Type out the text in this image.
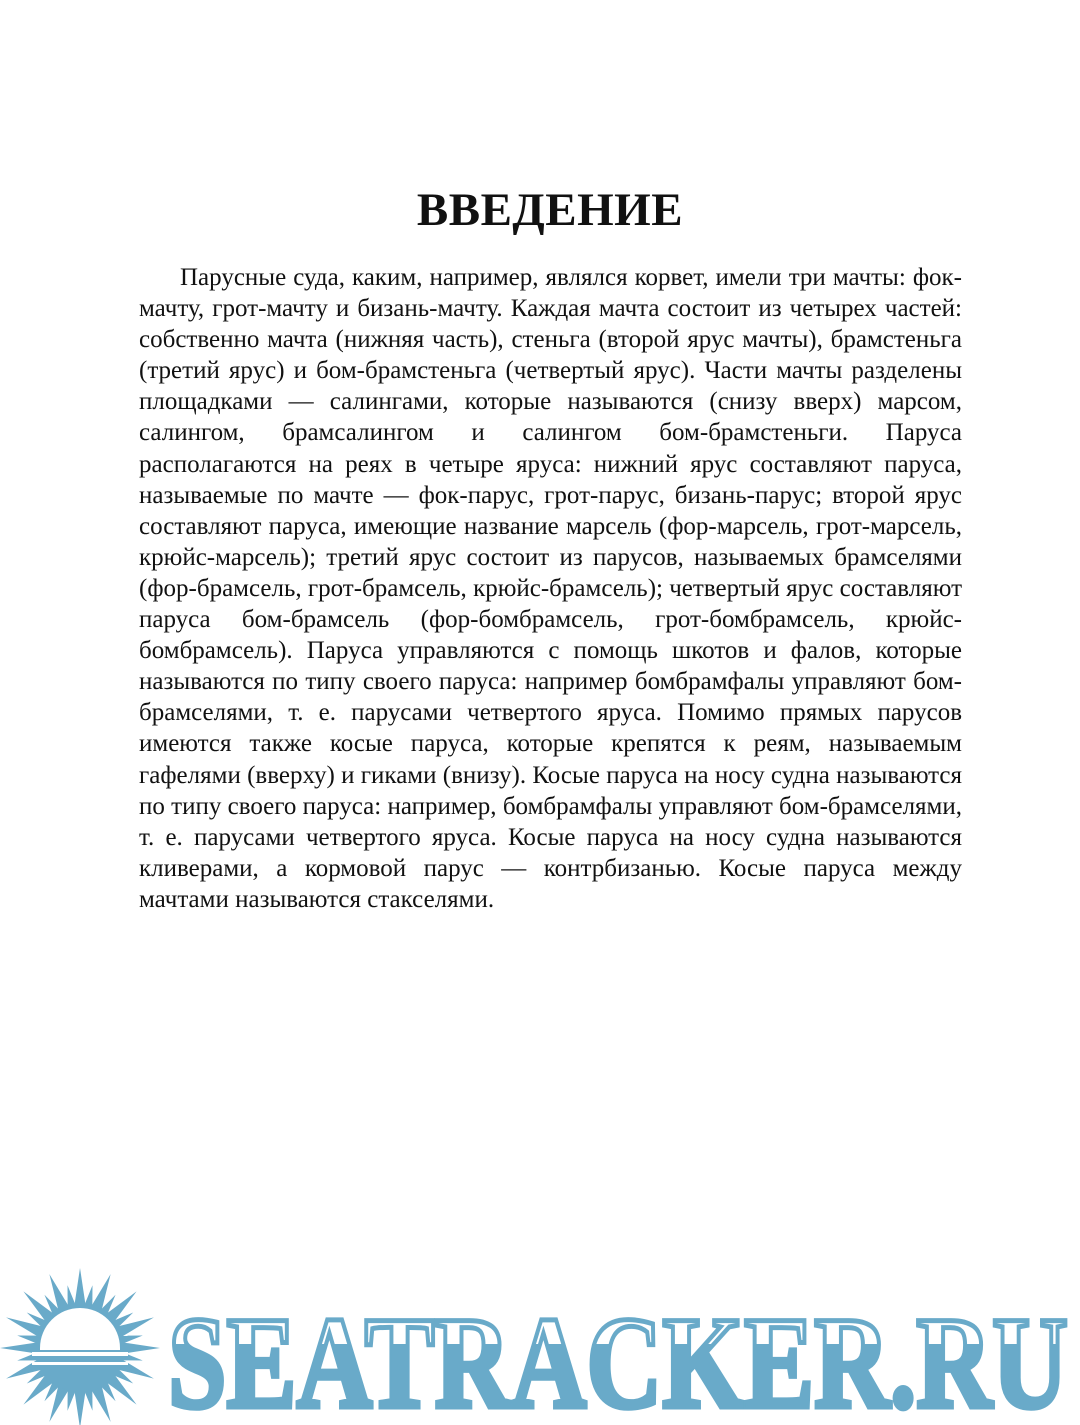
ВВЕДЕНИЕ

Парусные суда, каким, например, являлся корвет, имели три мачты: фок-мачту, грот-мачту и бизань-мачту. Каждая мачта состоит из четырех частей: собственно мачта (нижняя часть), стеньга (второй ярус мачты), брамстеньга (третий ярус) и бом-брамстеньга (четвертый ярус). Части мачты разделены площадками — салингами, которые называются (снизу вверх) марсом, салингом, брамсалингом и салингом бом-брамстеньги. Паруса располагаются на реях в четыре яруса: нижний ярус составляют паруса, называемые по мачте — фок-парус, грот-парус, бизань-парус; второй ярус составляют паруса, имеющие название марсель (фор-марсель, грот-марсель, крюйс-марсель); третий ярус состоит из парусов, называемых брамселями (фор-брамсель, грот-брамсель, крюйс-брамсель); четвертый ярус составляют паруса бом-брамсель (фор-бомбрамсель, грот-бомбрамсель, крюйс-бомбрамсель). Паруса управляются с помощь шкотов и фалов, которые называются по типу своего паруса: например бомбрамфалы управляют бом-брамселями, т. е. парусами четвертого яруса. Помимо прямых парусов имеются также косые паруса, которые крепятся к реям, называемым гафелями (вверху) и гиками (внизу). Косые паруса на носу судна называются по типу своего паруса: например, бомбрамфалы управляют бом-брамселями, т. е. парусами четвертого яруса. Косые паруса на носу судна называются кливерами, а кормовой парус — контрбизанью. Косые паруса между мачтами называются стакселями.
